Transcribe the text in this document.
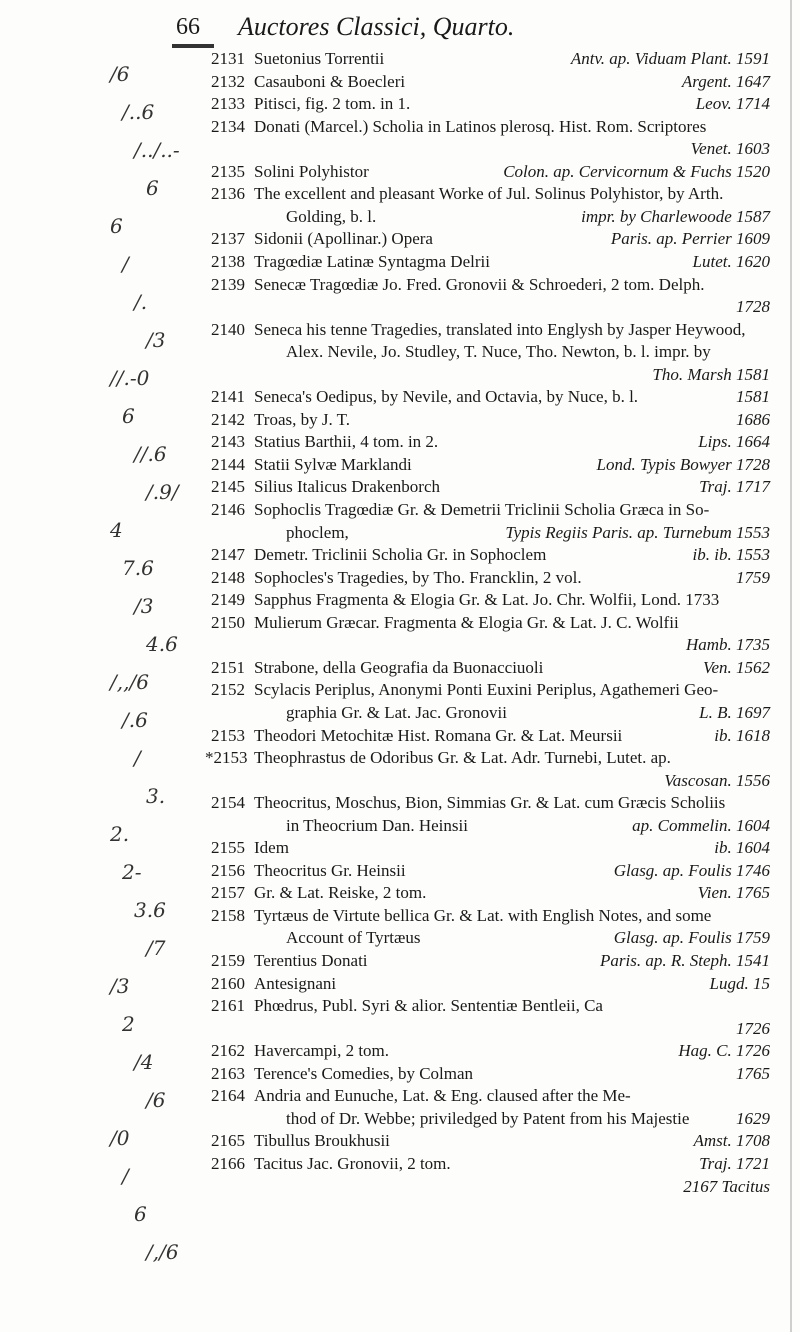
66 Auctores Classici, Quarto.
2131 Suetonius Torrentii	Antv. ap. Viduam Plant. 1591
2132 Casauboni & Boecleri	Argent. 1647
2133 Pitisci, fig. 2 tom. in 1.	Leov. 1714
2134 Donati (Marcel.) Scholia in Latinos plerosq. Hist. Rom. Scriptores
Venet. 1603
2135 Solini Polyhistor	Colon. ap. Cervicornum & Fuchs 1520
2136 The excellent and pleasant Worke of Jul. Solinus Polyhistor, by Arth.
Golding, b. l.	impr. by Charlewoode 1587
2137 Sidonii (Apollinar.) Opera	Paris. ap. Perrier 1609
2138 Tragœdiæ Latinæ Syntagma Delrii	Lutet. 1620
2139 Senecæ Tragœdiæ Jo. Fred. Gronovii & Schroederi, 2 tom. Delph.
1728
2140 Seneca his tenne Tragedies, translated into Englysh by Jasper Heywood,
Alex. Nevile, Jo. Studley, T. Nuce, Tho. Newton, b. l. impr. by
Tho. Marsh 1581
2141 Seneca's Oedipus, by Nevile, and Octavia, by Nuce, b. l.	1581
2142 Troas, by J. T.	1686
2143 Statius Barthii, 4 tom. in 2.	Lips. 1664
2144 Statii Sylvæ Marklandi	Lond. Typis Bowyer 1728
2145 Silius Italicus Drakenborch	Traj. 1717
2146 Sophoclis Tragœdiæ Gr. & Demetrii Triclinii Scholia Græca in So-
phoclem,	Typis Regiis Paris. ap. Turnebum 1553
2147 Demetr. Triclinii Scholia Gr. in Sophoclem	ib. ib. 1553
2148 Sophocles's Tragedies, by Tho. Francklin, 2 vol.	1759
2149 Sapphus Fragmenta & Elogia Gr. & Lat. Jo. Chr. Wolfii, Lond. 1733
2150 Mulierum Græcar. Fragmenta & Elogia Gr. & Lat. J. C. Wolfii
Hamb. 1735
2151 Strabone, della Geografia da Buonacciuoli	Ven. 1562
2152 Scylacis Periplus, Anonymi Ponti Euxini Periplus, Agathemeri Geo-
graphia Gr. & Lat. Jac. Gronovii	L. B. 1697
2153 Theodori Metochitæ Hist. Romana Gr. & Lat. Meursii	ib. 1618
*2153 Theophrastus de Odoribus Gr. & Lat. Adr. Turnebi, Lutet. ap.
Vascosan. 1556
2154 Theocritus, Moschus, Bion, Simmias Gr. & Lat. cum Græcis Scholiis
in Theocrium Dan. Heinsii	ap. Commelin. 1604
2155 Idem	ib. 1604
2156 Theocritus Gr. Heinsii	Glasg. ap. Foulis 1746
2157 Gr. & Lat. Reiske, 2 tom.	Vien. 1765
2158 Tyrtæus de Virtute bellica Gr. & Lat. with English Notes, and some
Account of Tyrtæus	Glasg. ap. Foulis 1759
2159 Terentius Donati	Paris. ap. R. Steph. 1541
2160 Antesignani	Lugd. 15
2161 Phœdrus, Publ. Syri & alior. Sententiæ Bentleii, Ca
1726
2162 Havercampi, 2 tom.	Hag. C. 1726
2163 Terence's Comedies, by Colman	1765
2164 Andria and Eunuche, Lat. & Eng. claused after the Me-
thod of Dr. Webbe; priviledged by Patent from his Majestie	1629
2165 Tibullus Broukhusii	Amst. 1708
2166 Tacitus Jac. Gronovii, 2 tom.	Traj. 1721
2167 Tacitus
/6
/..6
/../..-
6
6
/
/.
/3
//.-0
6
//.6
/.9/
4
7.6
/3
4.6
/,,/6
/.6
/
3.
2.
2-
3.6
/7
/3
2
/4
/6
/0
/
6
/,/6
